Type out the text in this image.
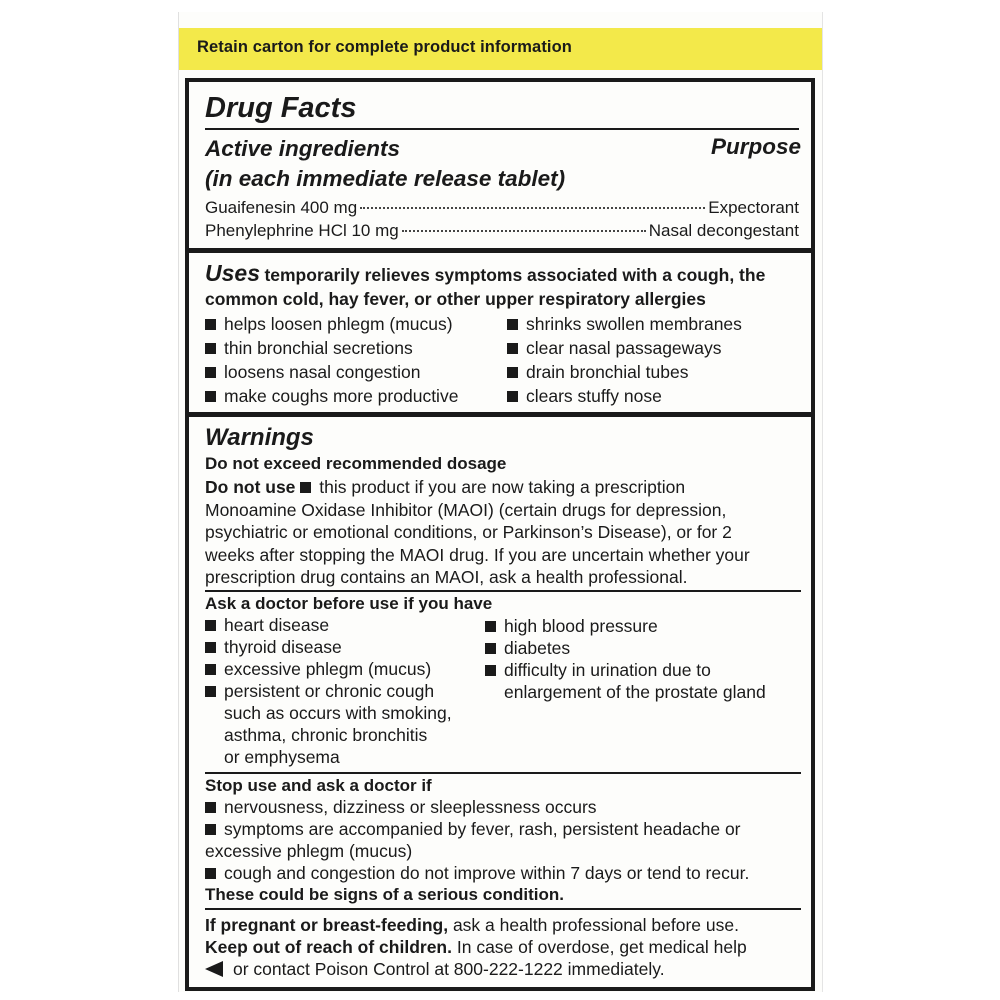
Retain carton for complete product information
Drug Facts
Active ingredients	Purpose
(in each immediate release tablet)
Guaifenesin 400 mg	Expectorant
Phenylephrine HCl 10 mg	Nasal decongestant
Uses temporarily relieves symptoms associated with a cough, the
common cold, hay fever, or other upper respiratory allergies
helps loosen phlegm (mucus)
thin bronchial secretions
loosens nasal congestion
make coughs more productive
shrinks swollen membranes
clear nasal passageways
drain bronchial tubes
clears stuffy nose
Warnings
Do not exceed recommended dosage
Do not use this product if you are now taking a prescription
Monoamine Oxidase Inhibitor (MAOI) (certain drugs for depression,
psychiatric or emotional conditions, or Parkinson’s Disease), or for 2
weeks after stopping the MAOI drug. If you are uncertain whether your
prescription drug contains an MAOI, ask a health professional.
Ask a doctor before use if you have
heart disease
thyroid disease
excessive phlegm (mucus)
persistent or chronic cough
such as occurs with smoking,
asthma, chronic bronchitis
or emphysema
high blood pressure
diabetes
difficulty in urination due to
enlargement of the prostate gland
Stop use and ask a doctor if
nervousness, dizziness or sleeplessness occurs
symptoms are accompanied by fever, rash, persistent headache or
excessive phlegm (mucus)
cough and congestion do not improve within 7 days or tend to recur.
These could be signs of a serious condition.
If pregnant or breast-feeding, ask a health professional before use.
Keep out of reach of children. In case of overdose, get medical help
or contact Poison Control at 800-222-1222 immediately.
